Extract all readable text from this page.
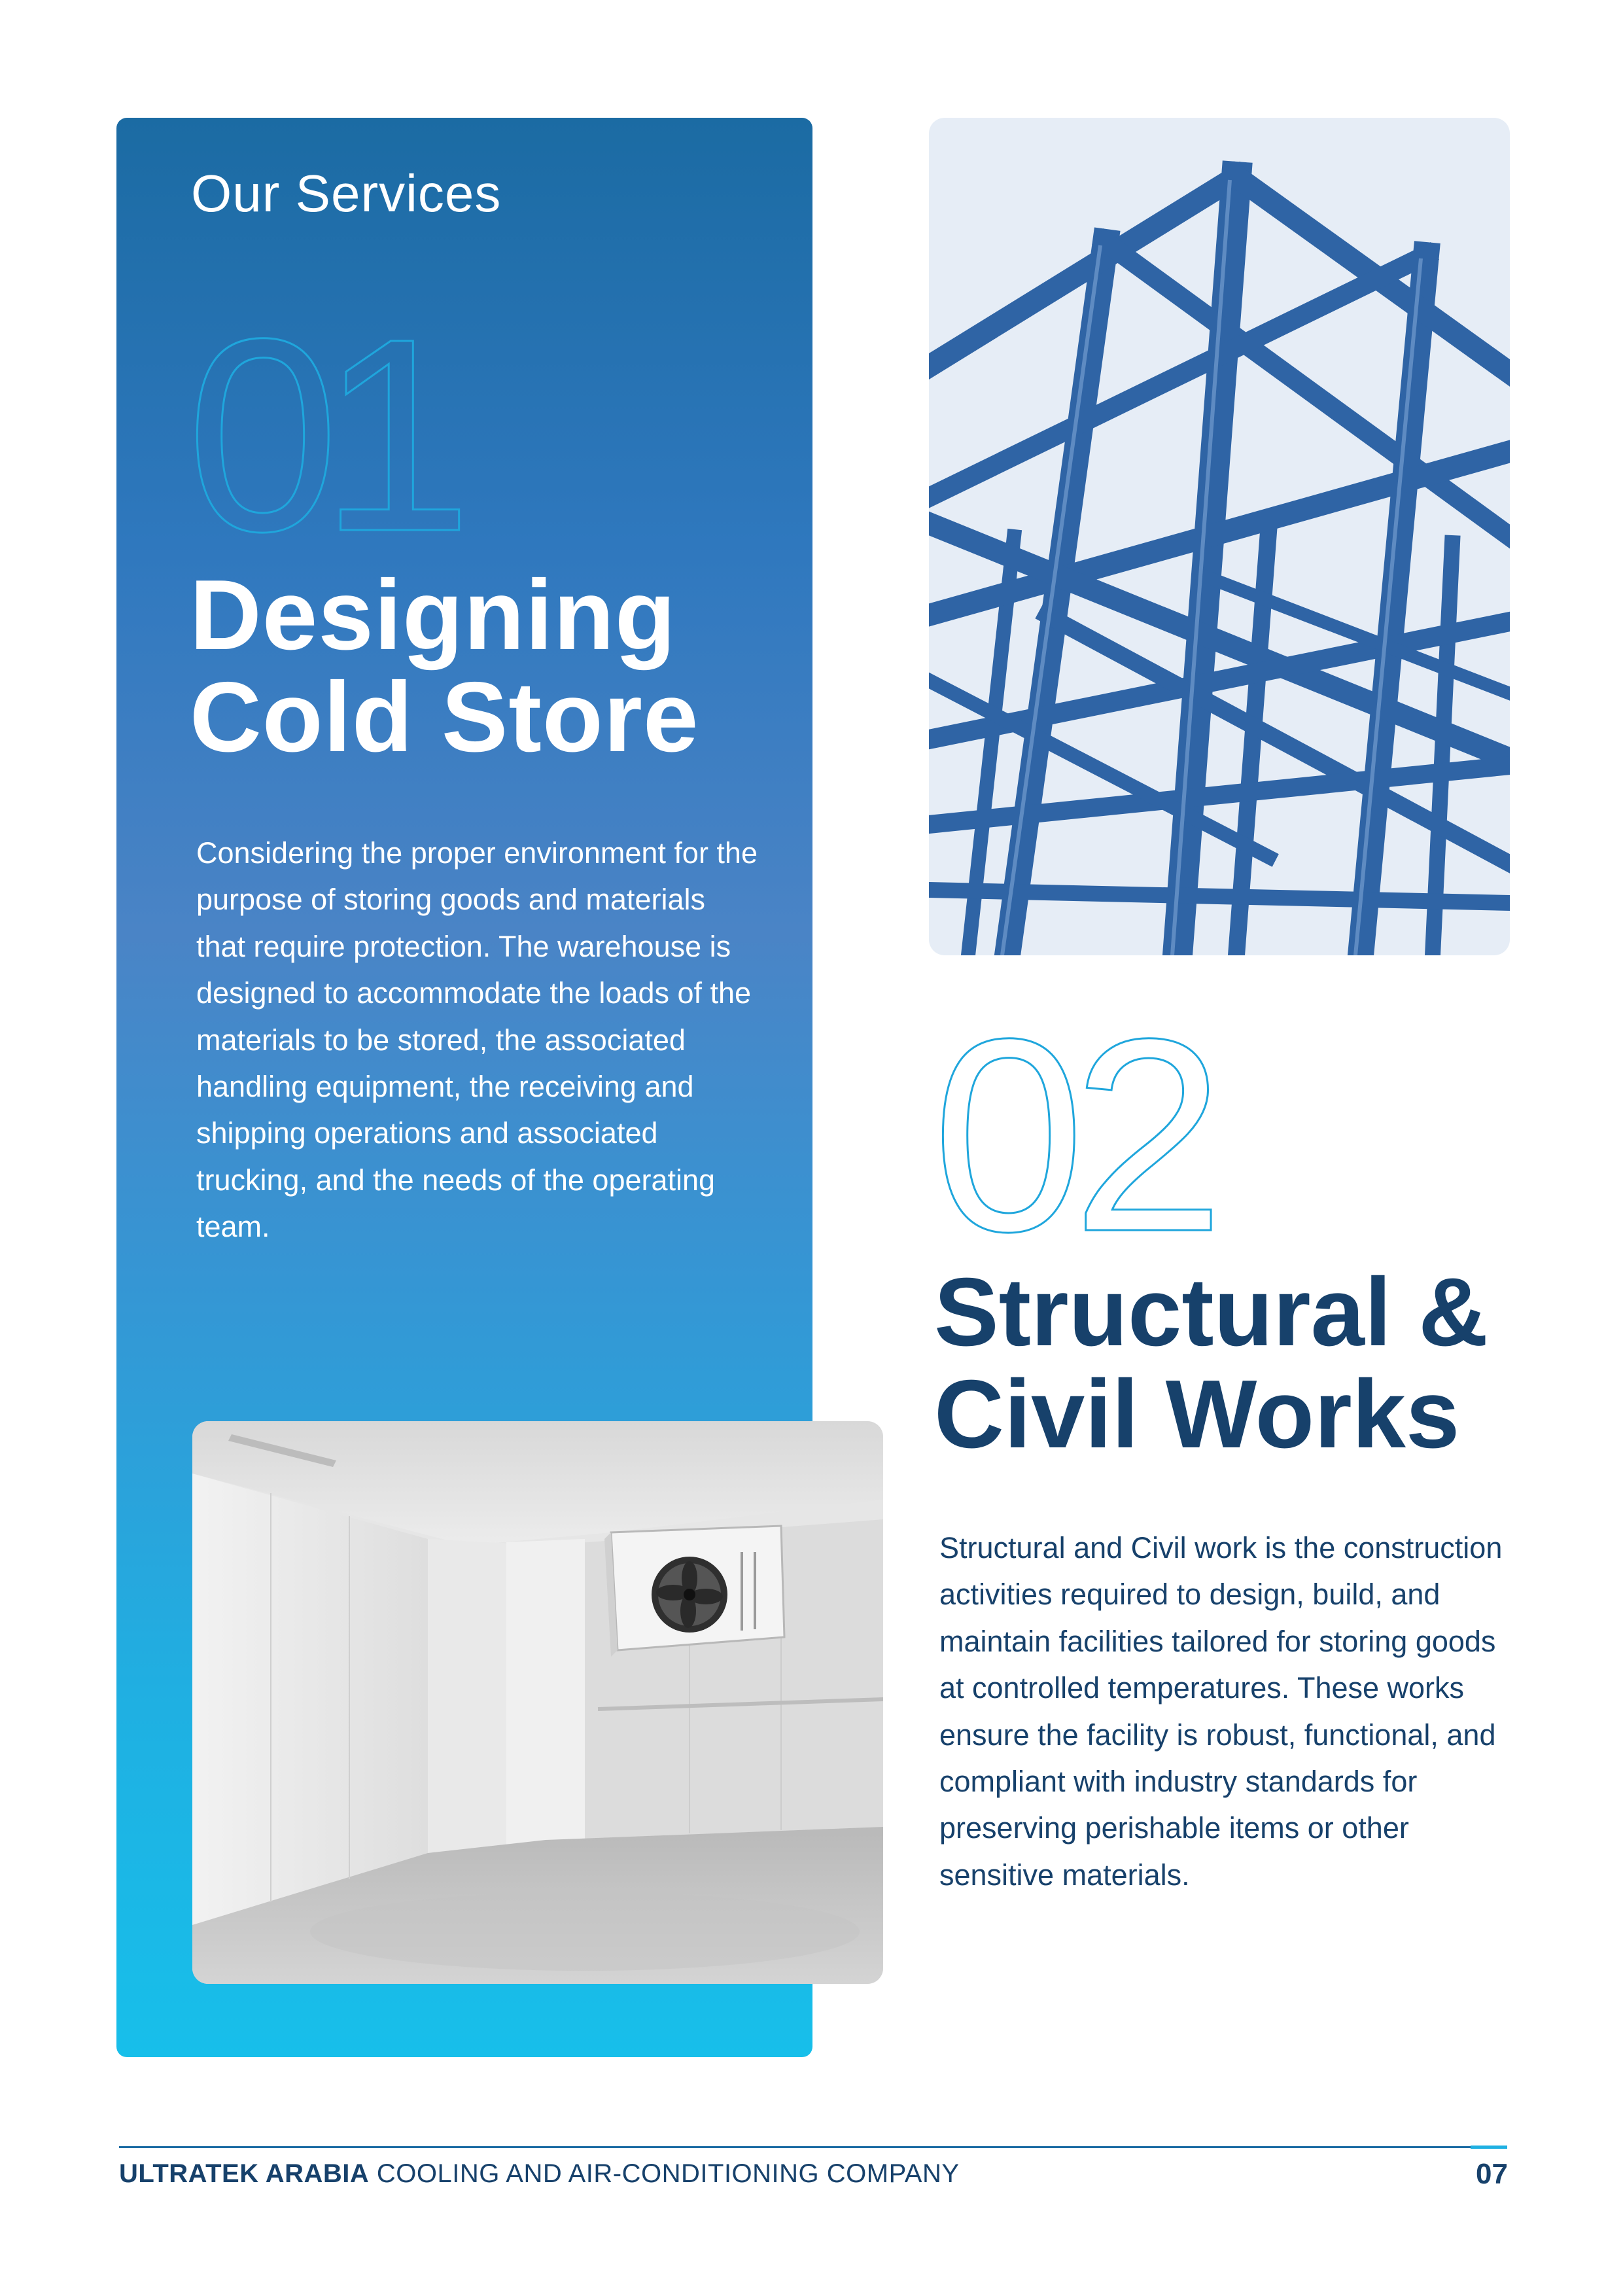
Our Services
01
Designing
Cold Store
Considering the proper environment for the purpose of storing goods and materials that require protection. The warehouse is designed to accommodate the loads of the materials to be stored, the associated handling equipment, the receiving and shipping operations and associated trucking, and the needs of the operating team.	02
Structural &
Civil Works
Structural and Civil work is the construction activities required to design, build, and maintain facilities tailored for storing goods at controlled temperatures. These works ensure the facility is robust, functional, and compliant with industry standards for preserving perishable items or other sensitive materials.
ULTRATEK ARABIA COOLING AND AIR-CONDITIONING COMPANY	07
